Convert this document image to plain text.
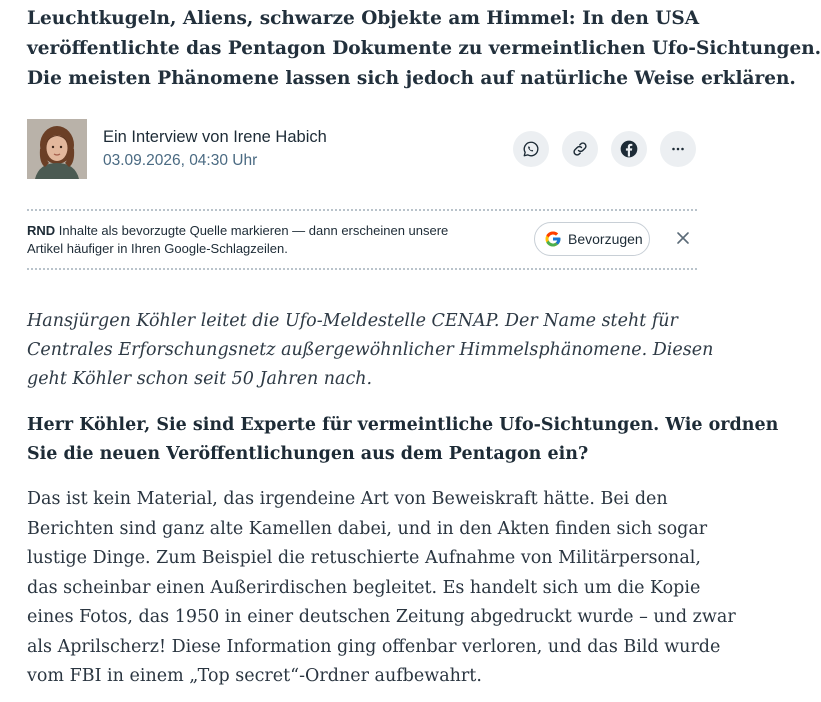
Leuchtkugeln, Aliens, schwarze Objekte am Himmel: In den USA
veröffentlichte das Pentagon Dokumente zu vermeintlichen Ufo-Sichtungen.
Die meisten Phänomene lassen sich jedoch auf natürliche Weise erklären.
Ein Interview von Irene Habich
03.09.2026, 04:30 Uhr
RND Inhalte als bevorzugte Quelle markieren — dann erscheinen unsere
Artikel häufiger in Ihren Google-Schlagzeilen.
Bevorzugen
Hansjürgen Köhler leitet die Ufo-Meldestelle CENAP. Der Name steht für
Centrales Erforschungsnetz außergewöhnlicher Himmelsphänomene. Diesen
geht Köhler schon seit 50 Jahren nach.
Herr Köhler, Sie sind Experte für vermeintliche Ufo-Sichtungen. Wie ordnen
Sie die neuen Veröffentlichungen aus dem Pentagon ein?
Das ist kein Material, das irgendeine Art von Beweiskraft hätte. Bei den
Berichten sind ganz alte Kamellen dabei, und in den Akten finden sich sogar
lustige Dinge. Zum Beispiel die retuschierte Aufnahme von Militärpersonal,
das scheinbar einen Außerirdischen begleitet. Es handelt sich um die Kopie
eines Fotos, das 1950 in einer deutschen Zeitung abgedruckt wurde – und zwar
als Aprilscherz! Diese Information ging offenbar verloren, und das Bild wurde
vom FBI in einem „Top secret“-Ordner aufbewahrt.
